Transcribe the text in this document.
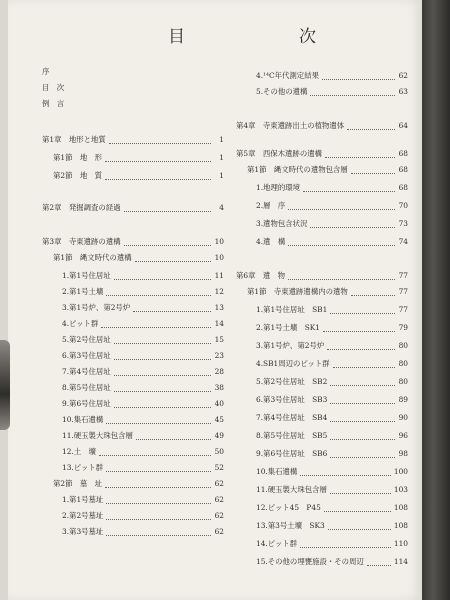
目	次
序
目　次
例　言
第1章　地形と地質	1
第1節　地　形	1
第2節　地　質	1
第2章　発掘調査の経過	4
第3章　寺東遺跡の遺構	10
第1節　縄文時代の遺構	10
1.第1号住居址	11
2.第1号土壙	12
3.第1号炉、第2号炉	13
4.ピット群	14
5.第2号住居址	15
6.第3号住居址	23
7.第4号住居址	28
8.第5号住居址	38
9.第6号住居址	40
10.集石遺構	45
11.硬玉製大珠包含層	49
12.土　壙	50
13.ピット群	52
第2節　墓　址	62
1.第1号墓址	62
2.第2号墓址	62
3.第3号墓址	62
4.¹⁴C年代測定結果	62
5.その他の遺構	63
第4章　寺東遺跡出土の植物遺体	64
第5章　西保木遺跡の遺構	68
第1節　縄文時代の遺物包含層	68
1.地理的環境	68
2.層　序	70
3.遺物包含状況	73
4.遺　構	74
第6章　遺　物	77
第1節　寺東遺跡遺構内の遺物	77
1.第1号住居址　SB1	77
2.第1号土壙　SK1	79
3.第1号炉、第2号炉	80
4.SB1周辺のピット群	80
5.第2号住居址　SB2	80
6.第3号住居址　SB3	89
7.第4号住居址　SB4	90
8.第5号住居址　SB5	96
9.第6号住居址　SB6	98
10.集石遺構	100
11.硬玉製大珠包含層	103
12.ピット45　P45	108
13.第3号土壙　SK3	108
14.ピット群	110
15.その他の埋甕施設・その周辺	114
